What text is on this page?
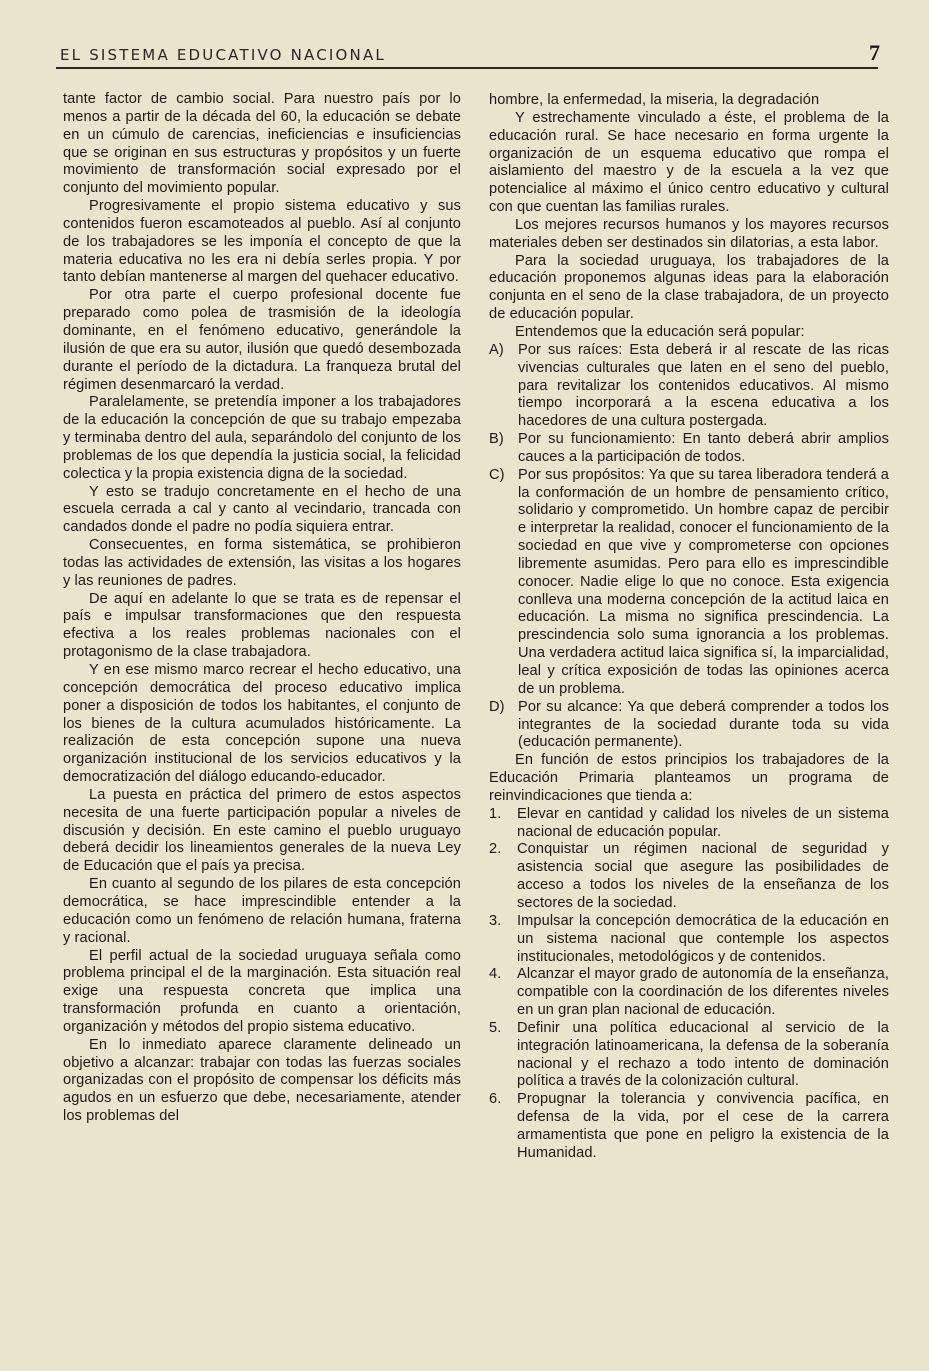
EL SISTEMA EDUCATIVO NACIONAL	7

tante factor de cambio social. Para nuestro país por lo menos a partir de la década del 60, la educación se debate en un cúmulo de carencias, ineficiencias e insuficiencias que se originan en sus estructuras y propósitos y un fuerte movimiento de transformación social expresado por el conjunto del movimiento popular.

Progresivamente el propio sistema educativo y sus contenidos fueron escamoteados al pueblo. Así al conjunto de los trabajadores se les imponía el concepto de que la materia educativa no les era ni debía serles propia. Y por tanto debían mantenerse al margen del quehacer educativo.

Por otra parte el cuerpo profesional docente fue preparado como polea de trasmisión de la ideología dominante, en el fenómeno educativo, generándole la ilusión de que era su autor, ilusión que quedó desembozada durante el período de la dictadura. La franqueza brutal del régimen desenmarcaró la verdad.

Paralelamente, se pretendía imponer a los trabajadores de la educación la concepción de que su trabajo empezaba y terminaba dentro del aula, separándolo del conjunto de los problemas de los que dependía la justicia social, la felicidad colectica y la propia existencia digna de la sociedad.

Y esto se tradujo concretamente en el hecho de una escuela cerrada a cal y canto al vecindario, trancada con candados donde el padre no podía siquiera entrar.

Consecuentes, en forma sistemática, se prohibieron todas las actividades de extensión, las visitas a los hogares y las reuniones de padres.

De aquí en adelante lo que se trata es de repensar el país e impulsar transformaciones que den respuesta efectiva a los reales problemas nacionales con el protagonismo de la clase trabajadora.

Y en ese mismo marco recrear el hecho educativo, una concepción democrática del proceso educativo implica poner a disposición de todos los habitantes, el conjunto de los bienes de la cultura acumulados históricamente. La realización de esta concepción supone una nueva organización institucional de los servicios educativos y la democratización del diálogo educando-educador.

La puesta en práctica del primero de estos aspectos necesita de una fuerte participación popular a niveles de discusión y decisión. En este camino el pueblo uruguayo deberá decidir los lineamientos generales de la nueva Ley de Educación que el país ya precisa.

En cuanto al segundo de los pilares de esta concepción democrática, se hace imprescindible entender a la educación como un fenómeno de relación humana, fraterna y racional.

El perfil actual de la sociedad uruguaya señala como problema principal el de la marginación. Esta situación real exige una respuesta concreta que implica una transformación profunda en cuanto a orientación, organización y métodos del propio sistema educativo.

En lo inmediato aparece claramente delineado un objetivo a alcanzar: trabajar con todas las fuerzas sociales organizadas con el propósito de compensar los déficits más agudos en un esfuerzo que debe, necesariamente, atender los problemas del

hombre, la enfermedad, la miseria, la degradación

Y estrechamente vinculado a éste, el problema de la educación rural. Se hace necesario en forma urgente la organización de un esquema educativo que rompa el aislamiento del maestro y de la escuela a la vez que potencialice al máximo el único centro educativo y cultural con que cuentan las familias rurales.

Los mejores recursos humanos y los mayores recursos materiales deben ser destinados sin dilatorias, a esta labor.

Para la sociedad uruguaya, los trabajadores de la educación proponemos algunas ideas para la elaboración conjunta en el seno de la clase trabajadora, de un proyecto de educación popular.

Entendemos que la educación será popular:

A) Por sus raíces: Esta deberá ir al rescate de las ricas vivencias culturales que laten en el seno del pueblo, para revitalizar los contenidos educativos. Al mismo tiempo incorporará a la escena educativa a los hacedores de una cultura postergada.
B) Por su funcionamiento: En tanto deberá abrir amplios cauces a la participación de todos.
C) Por sus propósitos: Ya que su tarea liberadora tenderá a la conformación de un hombre de pensamiento crítico, solidario y comprometido. Un hombre capaz de percibir e interpretar la realidad, conocer el funcionamiento de la sociedad en que vive y comprometerse con opciones libremente asumidas. Pero para ello es imprescindible conocer. Nadie elige lo que no conoce. Esta exigencia conlleva una moderna concepción de la actitud laica en educación. La misma no significa prescindencia. La prescindencia solo suma ignorancia a los problemas. Una verdadera actitud laica significa sí, la imparcialidad, leal y crítica exposición de todas las opiniones acerca de un problema.
D) Por su alcance: Ya que deberá comprender a todos los integrantes de la sociedad durante toda su vida (educación permanente).

En función de estos principios los trabajadores de la Educación Primaria planteamos un programa de reinvindicaciones que tienda a:

1.	Elevar en cantidad y calidad los niveles de un sistema nacional de educación popular.
2.	Conquistar un régimen nacional de seguridad y asistencia social que asegure las posibilidades de acceso a todos los niveles de la enseñanza de los sectores de la sociedad.
3.	Impulsar la concepción democrática de la educación en un sistema nacional que contemple los aspectos institucionales, metodológicos y de contenidos.
4.	Alcanzar el mayor grado de autonomía de la enseñanza, compatible con la coordinación de los diferentes niveles en un gran plan nacional de educación.
5.	Definir una política educacional al servicio de la integración latinoamericana, la defensa de la soberanía nacional y el rechazo a todo intento de dominación política a través de la colonización cultural.
6.	Propugnar la tolerancia y convivencia pacífica, en defensa de la vida, por el cese de la carrera armamentista que pone en peligro la existencia de la Humanidad.
